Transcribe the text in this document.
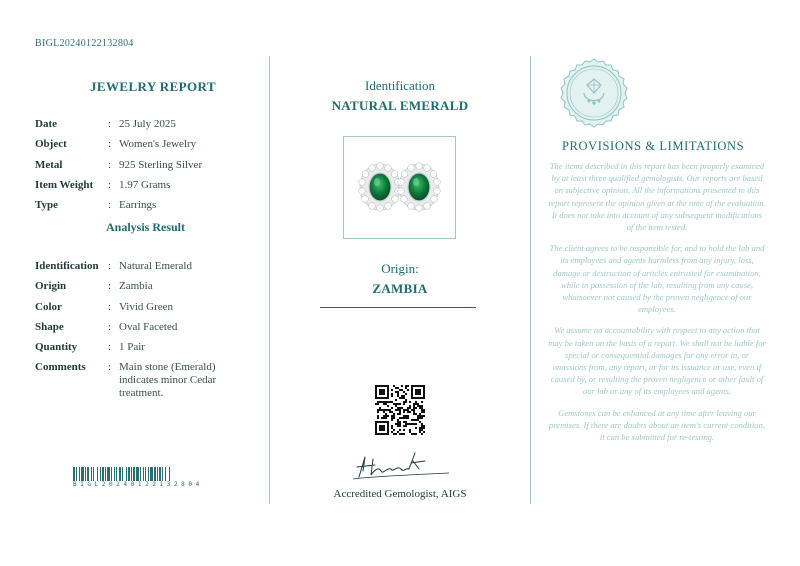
BIGL20240122132804
JEWELRY REPORT
Date	: 25 July 2025
Object	: Women's Jewelry
Metal	: 925 Sterling Silver
Item Weight	: 1.97 Grams
Type	: Earrings
Analysis Result
Identification : Natural Emerald
Origin	: Zambia
Color	: Vivid Green
Shape	: Oval Faceted
Quantity	: 1 Pair
Comments	: Main stone (Emerald) indicates minor Cedar treatment.
BIGL20240122132804
Identification
NATURAL EMERALD
Origin:
ZAMBIA
Accredited Gemologist, AIGS
PROVISIONS & LIMITATIONS

The items described in this report has been properly examined by at least three qualified gemologists. Our reports are based on subjective opinion. All the informations presented in this report represent the opinion given at the time of the evaluation. It does not take into account of any subsequent modifications of the item tested.

The client agrees to be responsible for, and to hold the lab and its employees and agents harmless from any injury, loss, damage or destruction of articles entrusted for examination, while in possession of the lab, resulting from any cause, whatsoever not caused by the proven negligence of our employees.

We assume no accountability with respect to any action that may be taken on the basis of a report. We shall not be liable for special or consequential damages for any error in, or omissions from, any report, or for its issuance or use, even if caused by, or resulting the proven negligence or other fault of our lab or any of its employees and agents.

Gemstones can be enhanced at any time after leaving our premises. If there are doubts about an item's current condition, it can be submitted for re-testing.
